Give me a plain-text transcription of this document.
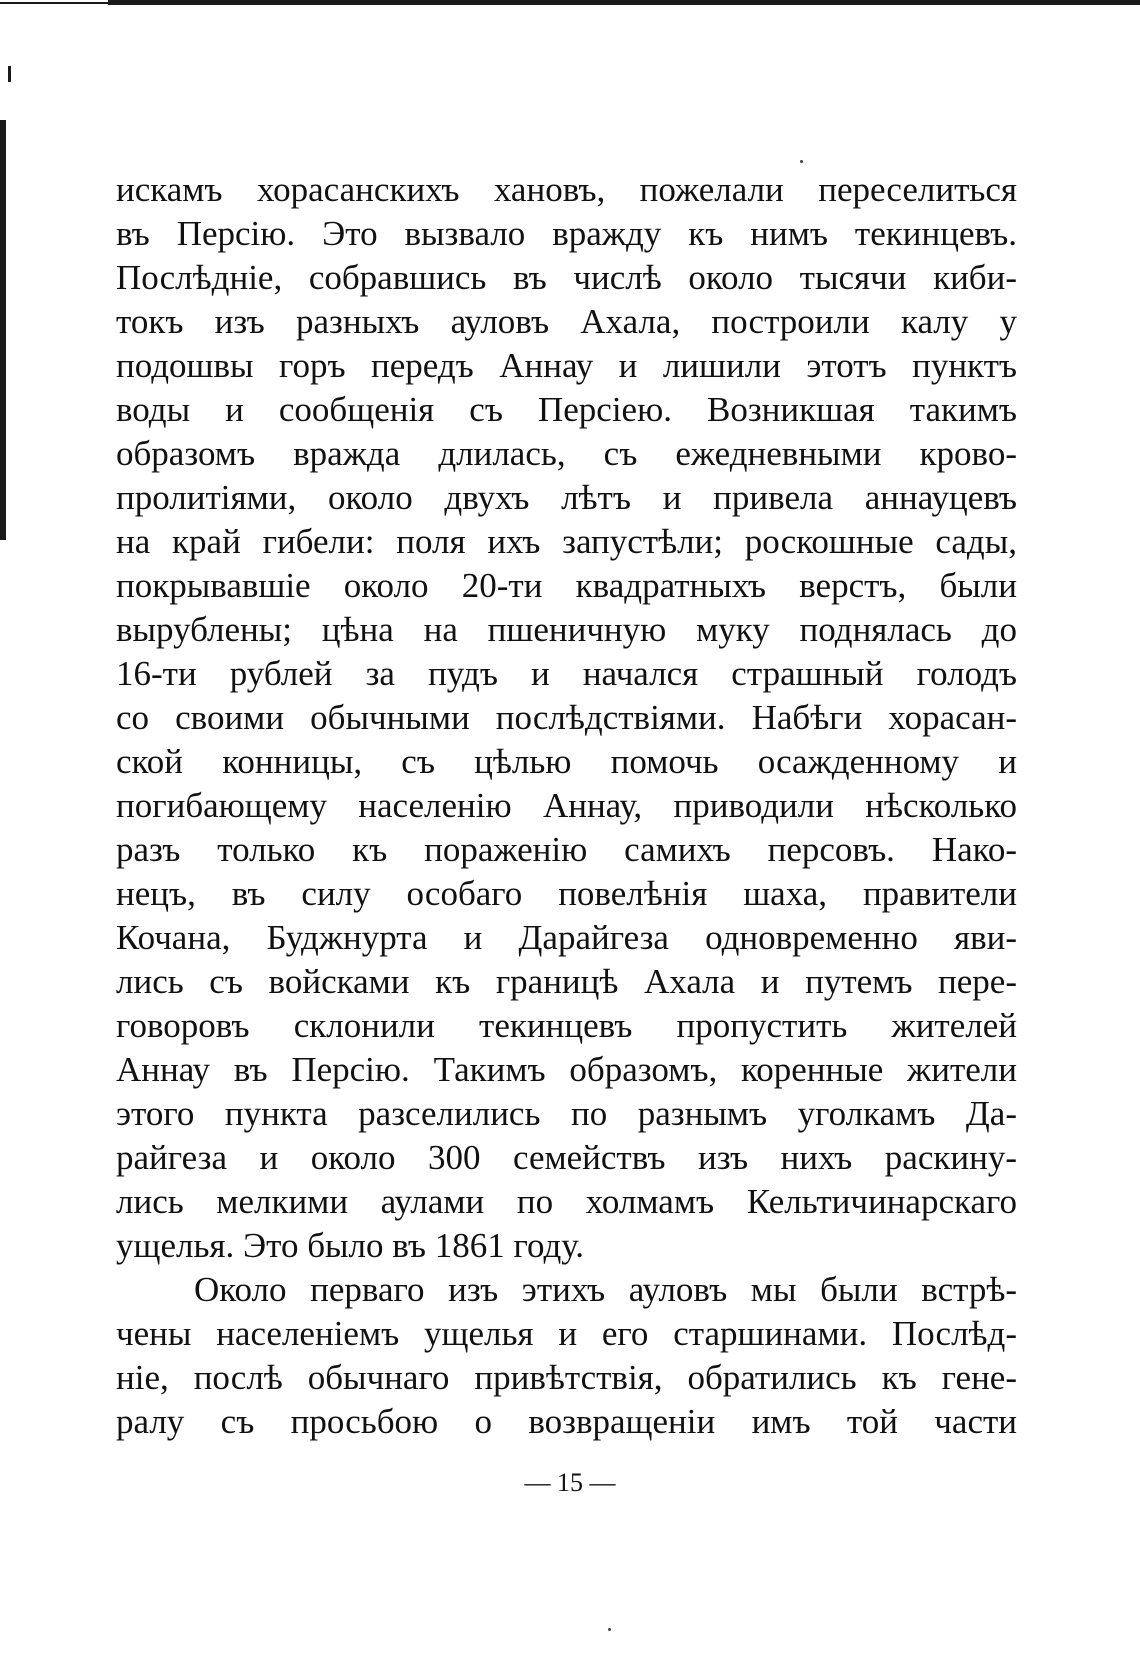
искамъ хорасанскихъ хановъ, пожелали переселиться
въ Персію. Это вызвало вражду къ нимъ текинцевъ.
Послѣдніе, собравшись въ числѣ около тысячи киби-
токъ изъ разныхъ ауловъ Ахала, построили калу у
подошвы горъ передъ Аннау и лишили этотъ пунктъ
воды и сообщенія съ Персіею. Возникшая такимъ
образомъ вражда длилась, съ ежедневными крово-
пролитіями, около двухъ лѣтъ и привела аннауцевъ
на край гибели: поля ихъ запустѣли; роскошные сады,
покрывавшіе около 20-ти квадратныхъ верстъ, были
вырублены; цѣна на пшеничную муку поднялась до
16-ти рублей за пудъ и начался страшный голодъ
со своими обычными послѣдствіями. Набѣги хорасан-
ской конницы, съ цѣлью помочь осажденному и
погибающему населенію Аннау, приводили нѣсколько
разъ только къ пораженію самихъ персовъ. Нако-
нецъ, въ силу особаго повелѣнія шаха, правители
Кочана, Буджнурта и Дарайгеза одновременно яви-
лись съ войсками къ границѣ Ахала и путемъ пере-
говоровъ склонили текинцевъ пропустить жителей
Аннау въ Персію. Такимъ образомъ, коренные жители
этого пункта разселились по разнымъ уголкамъ Да-
райгеза и около 300 семействъ изъ нихъ раскину-
лись мелкими аулами по холмамъ Кельтичинарскаго
ущелья. Это было въ 1861 году.
Около перваго изъ этихъ ауловъ мы были встрѣ-
чены населеніемъ ущелья и его старшинами. Послѣд-
ніе, послѣ обычнаго привѣтствія, обратились къ гене-
ралу съ просьбою о возвращеніи имъ той части
— 15 —
